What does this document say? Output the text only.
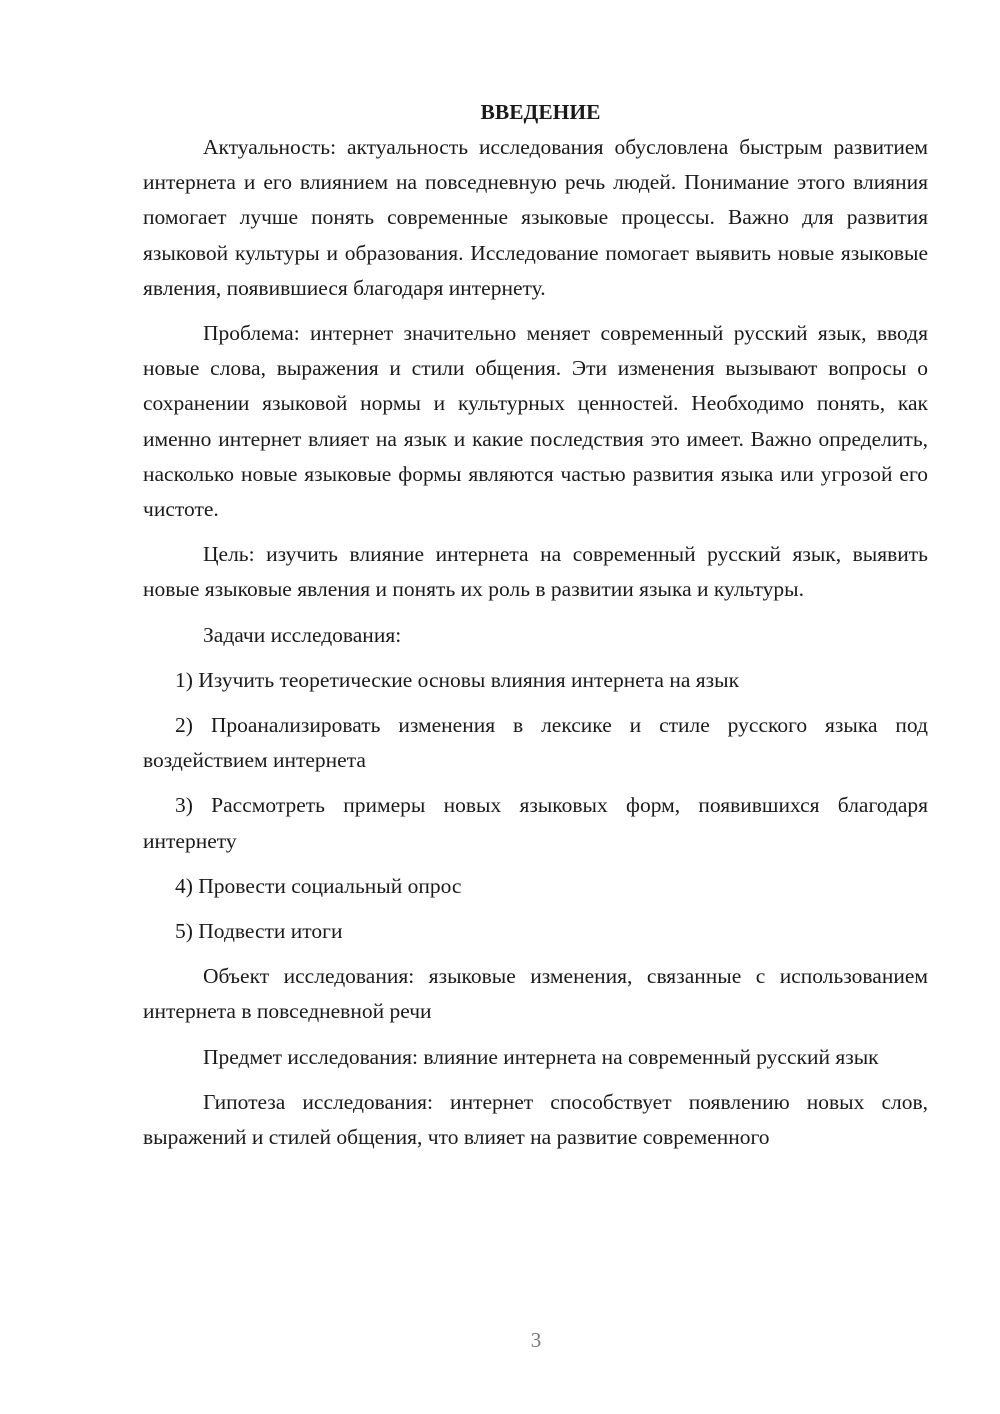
ВВЕДЕНИЕ

Актуальность: актуальность исследования обусловлена быстрым развитием интернета и его влиянием на повседневную речь людей. Понимание этого влияния помогает лучше понять современные языковые процессы. Важно для развития языковой культуры и образования. Исследование помогает выявить новые языковые явления, появившиеся благодаря интернету.

Проблема: интернет значительно меняет современный русский язык, вводя новые слова, выражения и стили общения. Эти изменения вызывают вопросы о сохранении языковой нормы и культурных ценностей. Необходимо понять, как именно интернет влияет на язык и какие последствия это имеет. Важно определить, насколько новые языковые формы являются частью развития языка или угрозой его чистоте.

Цель: изучить влияние интернета на современный русский язык, выявить новые языковые явления и понять их роль в развитии языка и культуры.

Задачи исследования:

1) Изучить теоретические основы влияния интернета на язык

2) Проанализировать изменения в лексике и стиле русского языка под воздействием интернета

3) Рассмотреть примеры новых языковых форм, появившихся благодаря интернету

4) Провести социальный опрос

5) Подвести итоги

Объект исследования: языковые изменения, связанные с использованием интернета в повседневной речи

Предмет исследования: влияние интернета на современный русский язык

Гипотеза исследования: интернет способствует появлению новых слов, выражений и стилей общения, что влияет на развитие современного

3
